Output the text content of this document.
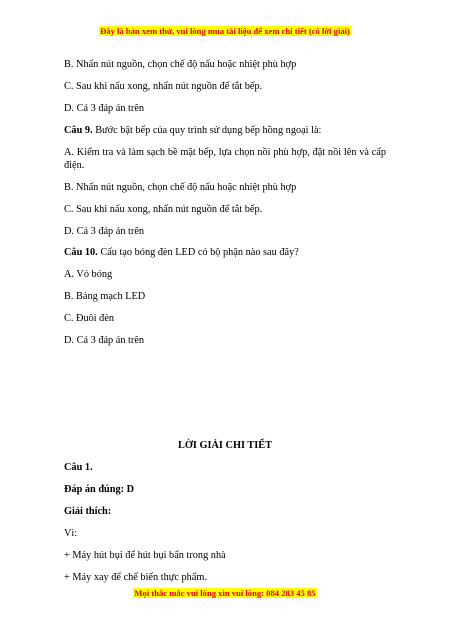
Đây là bản xem thử, vui lòng mua tài liệu để xem chi tiết (có lời giải)
B. Nhấn nút nguồn, chọn chế độ nấu hoặc nhiệt phù hợp
C. Sau khi nấu xong, nhấn nút nguồn để tắt bếp.
D. Cả 3 đáp án trên
Câu 9. Bước bật bếp của quy trình sử dụng bếp hồng ngoại là:
A. Kiểm tra và làm sạch bề mặt bếp, lựa chọn nồi phù hợp, đặt nồi lên và cấp điện.
B. Nhấn nút nguồn, chọn chế độ nấu hoặc nhiệt phù hợp
C. Sau khi nấu xong, nhấn nút nguồn để tắt bếp.
D. Cả 3 đáp án trên
Câu 10. Cấu tạo bóng đèn LED có bộ phận nào sau đây?
A. Vỏ bóng
B. Bảng mạch LED
C. Đuôi đèn
D. Cả 3 đáp án trên
LỜI GIẢI CHI TIẾT
Câu 1.
Đáp án đúng: D
Giải thích:
Vì:
+ Máy hút bụi để hút bụi bẩn trong nhà
+ Máy xay để chế biến thực phẩm.
Mọi thắc mắc vui lòng xin vui lòng: 084 283 45 85
